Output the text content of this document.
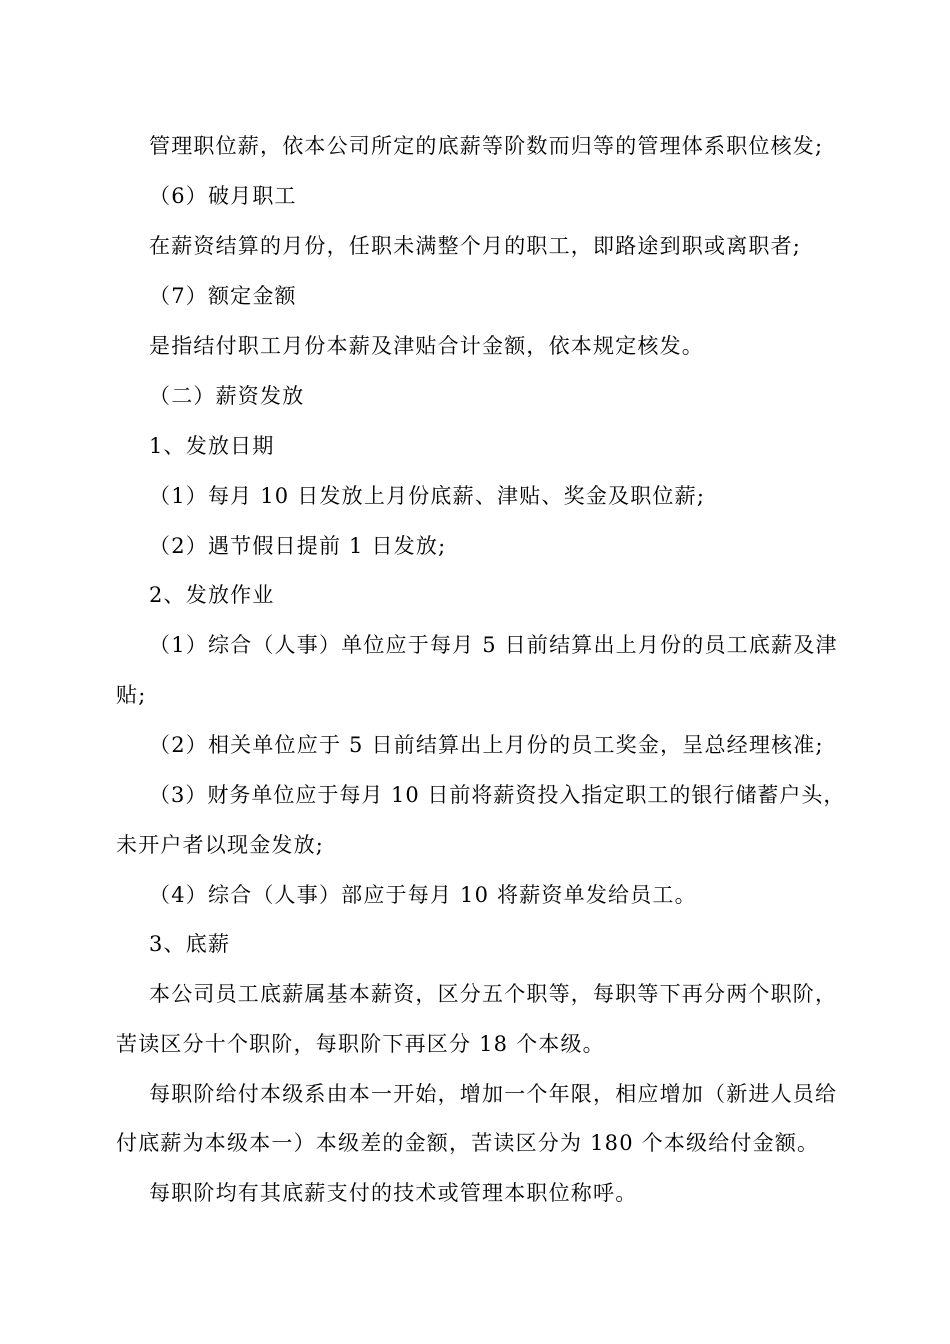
管理职位薪，依本公司所定的底薪等阶数而归等的管理体系职位核发;
（6）破月职工
在薪资结算的月份，任职未满整个月的职工，即路途到职或离职者;
（7）额定金额
是指结付职工月份本薪及津贴合计金额，依本规定核发。
（二）薪资发放
1、发放日期
（1）每月 10 日发放上月份底薪、津贴、奖金及职位薪;
（2）遇节假日提前 1 日发放;
2、发放作业
（1）综合（人事）单位应于每月 5 日前结算出上月份的员工底薪及津
贴;
（2）相关单位应于 5 日前结算出上月份的员工奖金，呈总经理核准;
（3）财务单位应于每月 10 日前将薪资投入指定职工的银行储蓄户头，
未开户者以现金发放;
（4）综合（人事）部应于每月 10 将薪资单发给员工。
3、底薪
本公司员工底薪属基本薪资，区分五个职等，每职等下再分两个职阶，
苦读区分十个职阶，每职阶下再区分 18 个本级。
每职阶给付本级系由本一开始，增加一个年限，相应增加（新进人员给
付底薪为本级本一）本级差的金额，苦读区分为 180 个本级给付金额。
每职阶均有其底薪支付的技术或管理本职位称呼。
